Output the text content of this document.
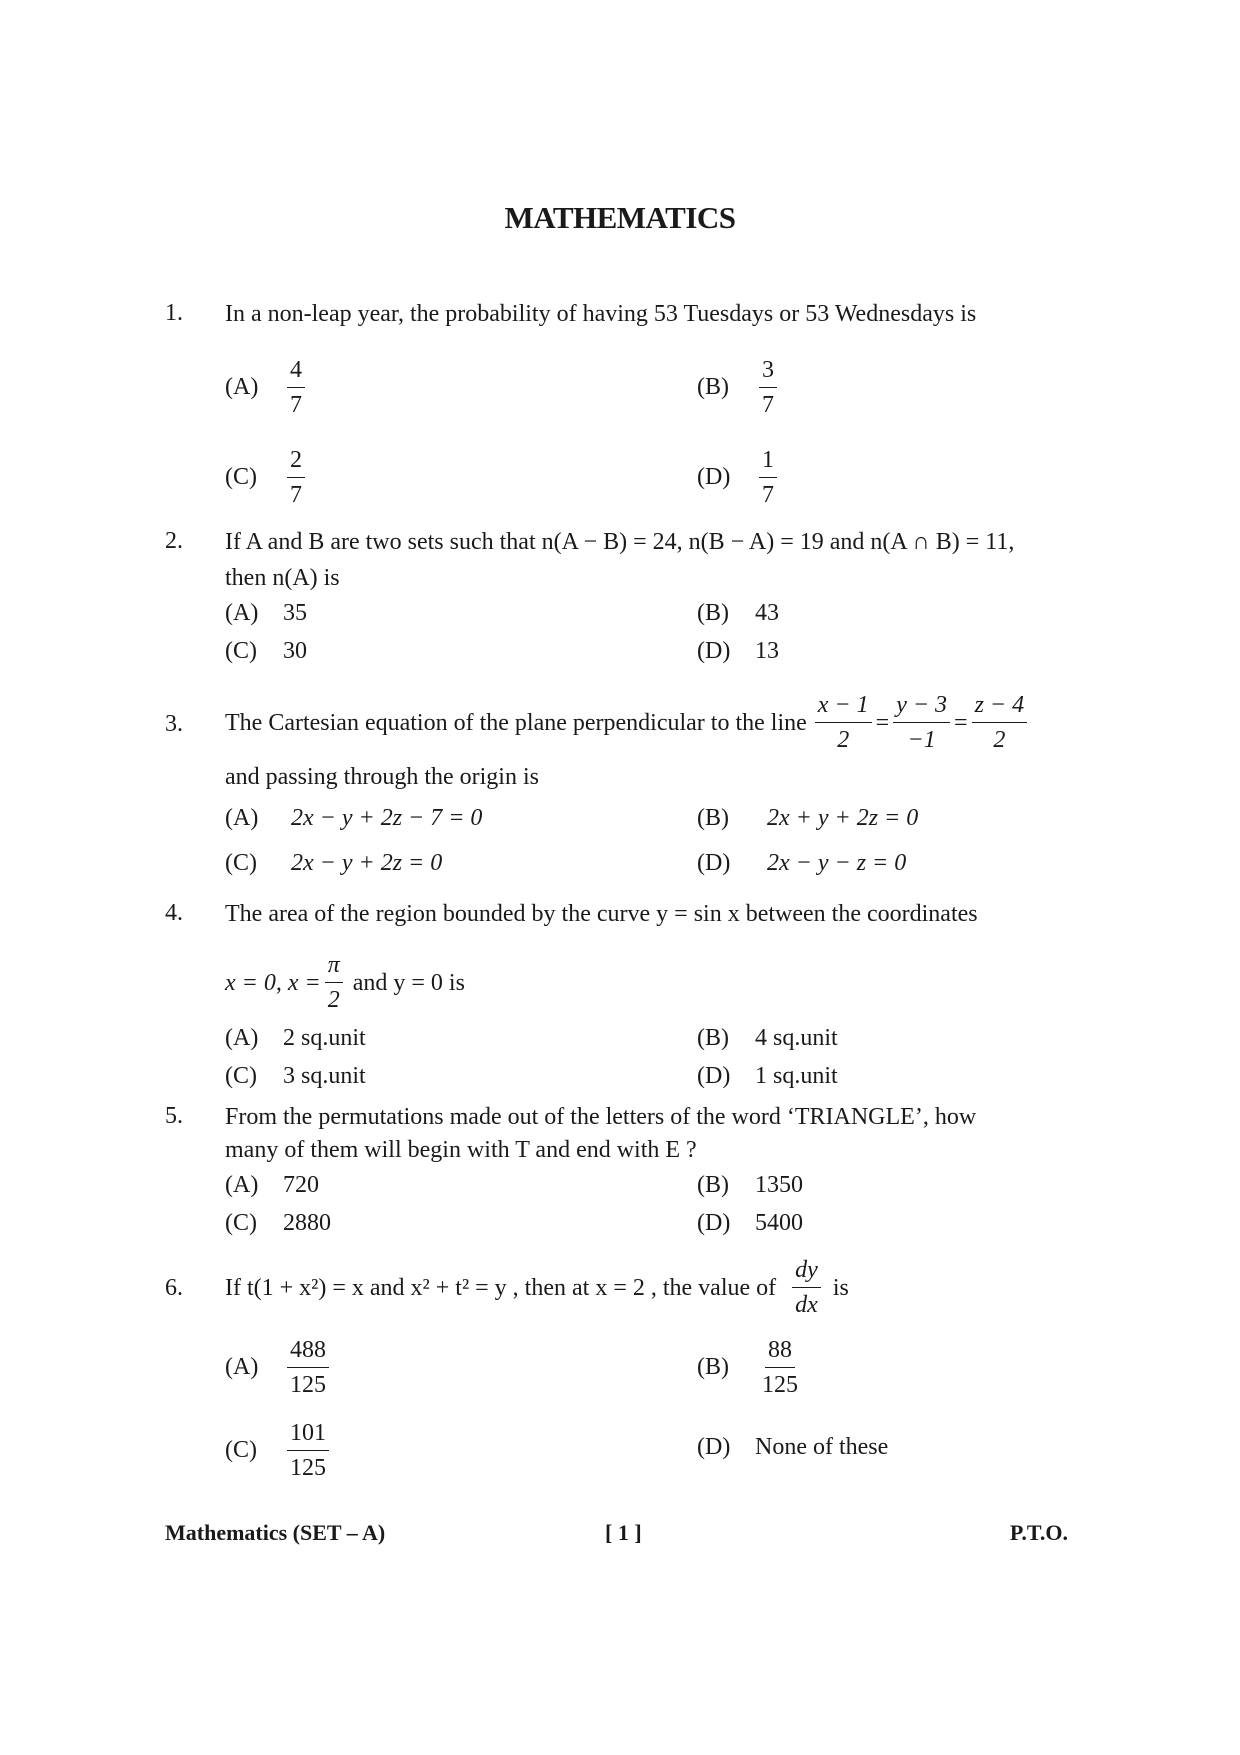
MATHEMATICS
1. In a non-leap year, the probability of having 53 Tuesdays or 53 Wednesdays is
(A)	$\frac{4}{7}$	(B)	$\frac{3}{7}$
(C)	$\frac{2}{7}$	(D)	$\frac{1}{7}$
2. If A and B are two sets such that n(A − B) = 24, n(B − A) = 19 and n(A ∩ B) = 11,
then n(A) is
(A)	35	(B)	43
(C)	30	(D)	13
3. The Cartesian equation of the plane perpendicular to the line $\frac{x - 1}{2} = \frac{y - 3}{-1} = \frac{z - 4}{2}$
and passing through the origin is
(A)	2x − y + 2z − 7 = 0	(B)	2x + y + 2z = 0
(C)	2x − y + 2z = 0	(D)	2x − y − z = 0
4. The area of the region bounded by the curve y = sin x between the coordinates
x = 0, $x = \frac{\pi}{2}$ and y = 0 is
(A)	2 sq.unit	(B)	4 sq.unit
(C)	3 sq.unit	(D)	1 sq.unit
5. From the permutations made out of the letters of the word ‘TRIANGLE’, how
many of them will begin with T and end with E ?
(A)	720	(B)	1350
(C)	2880	(D)	5400
6. If t(1 + x²) = x and x² + t² = y , then at x = 2 , the value of $\frac{dy}{dx}$ is
(A)	$\frac{488}{125}$	(B)	$\frac{88}{125}$
(C)	$\frac{101}{125}$	(D)	None of these
Mathematics (SET – A)	[ 1 ]	P.T.O.
